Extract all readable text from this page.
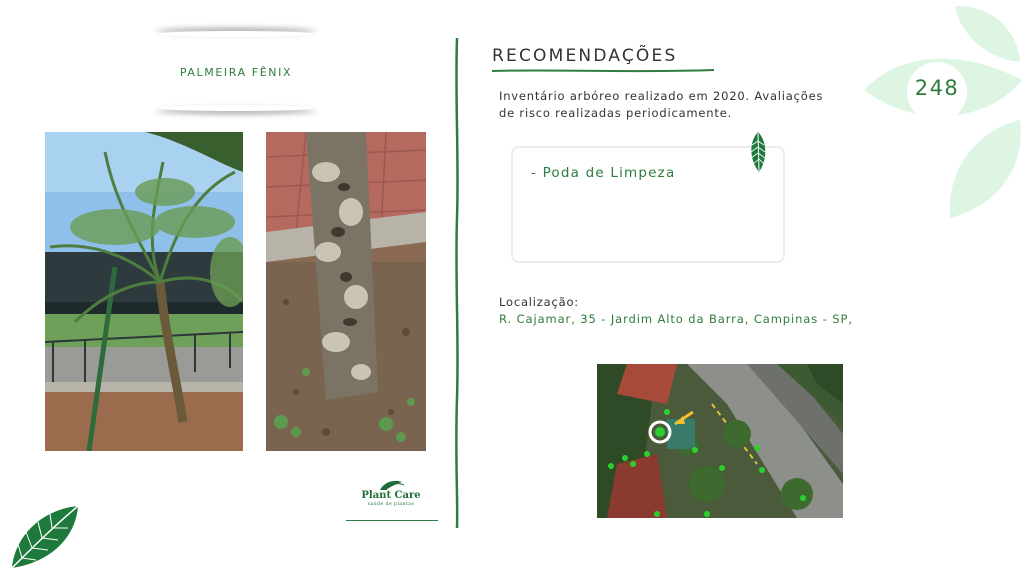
248
PALMEIRA FÊNIX
Plant Care
saúde de plantas
RECOMENDAÇÕES
Inventário arbóreo realizado em 2020. Avaliações
de risco realizadas periodicamente.
- Poda de Limpeza
Localização:
R. Cajamar, 35 - Jardim Alto da Barra, Campinas - SP,
